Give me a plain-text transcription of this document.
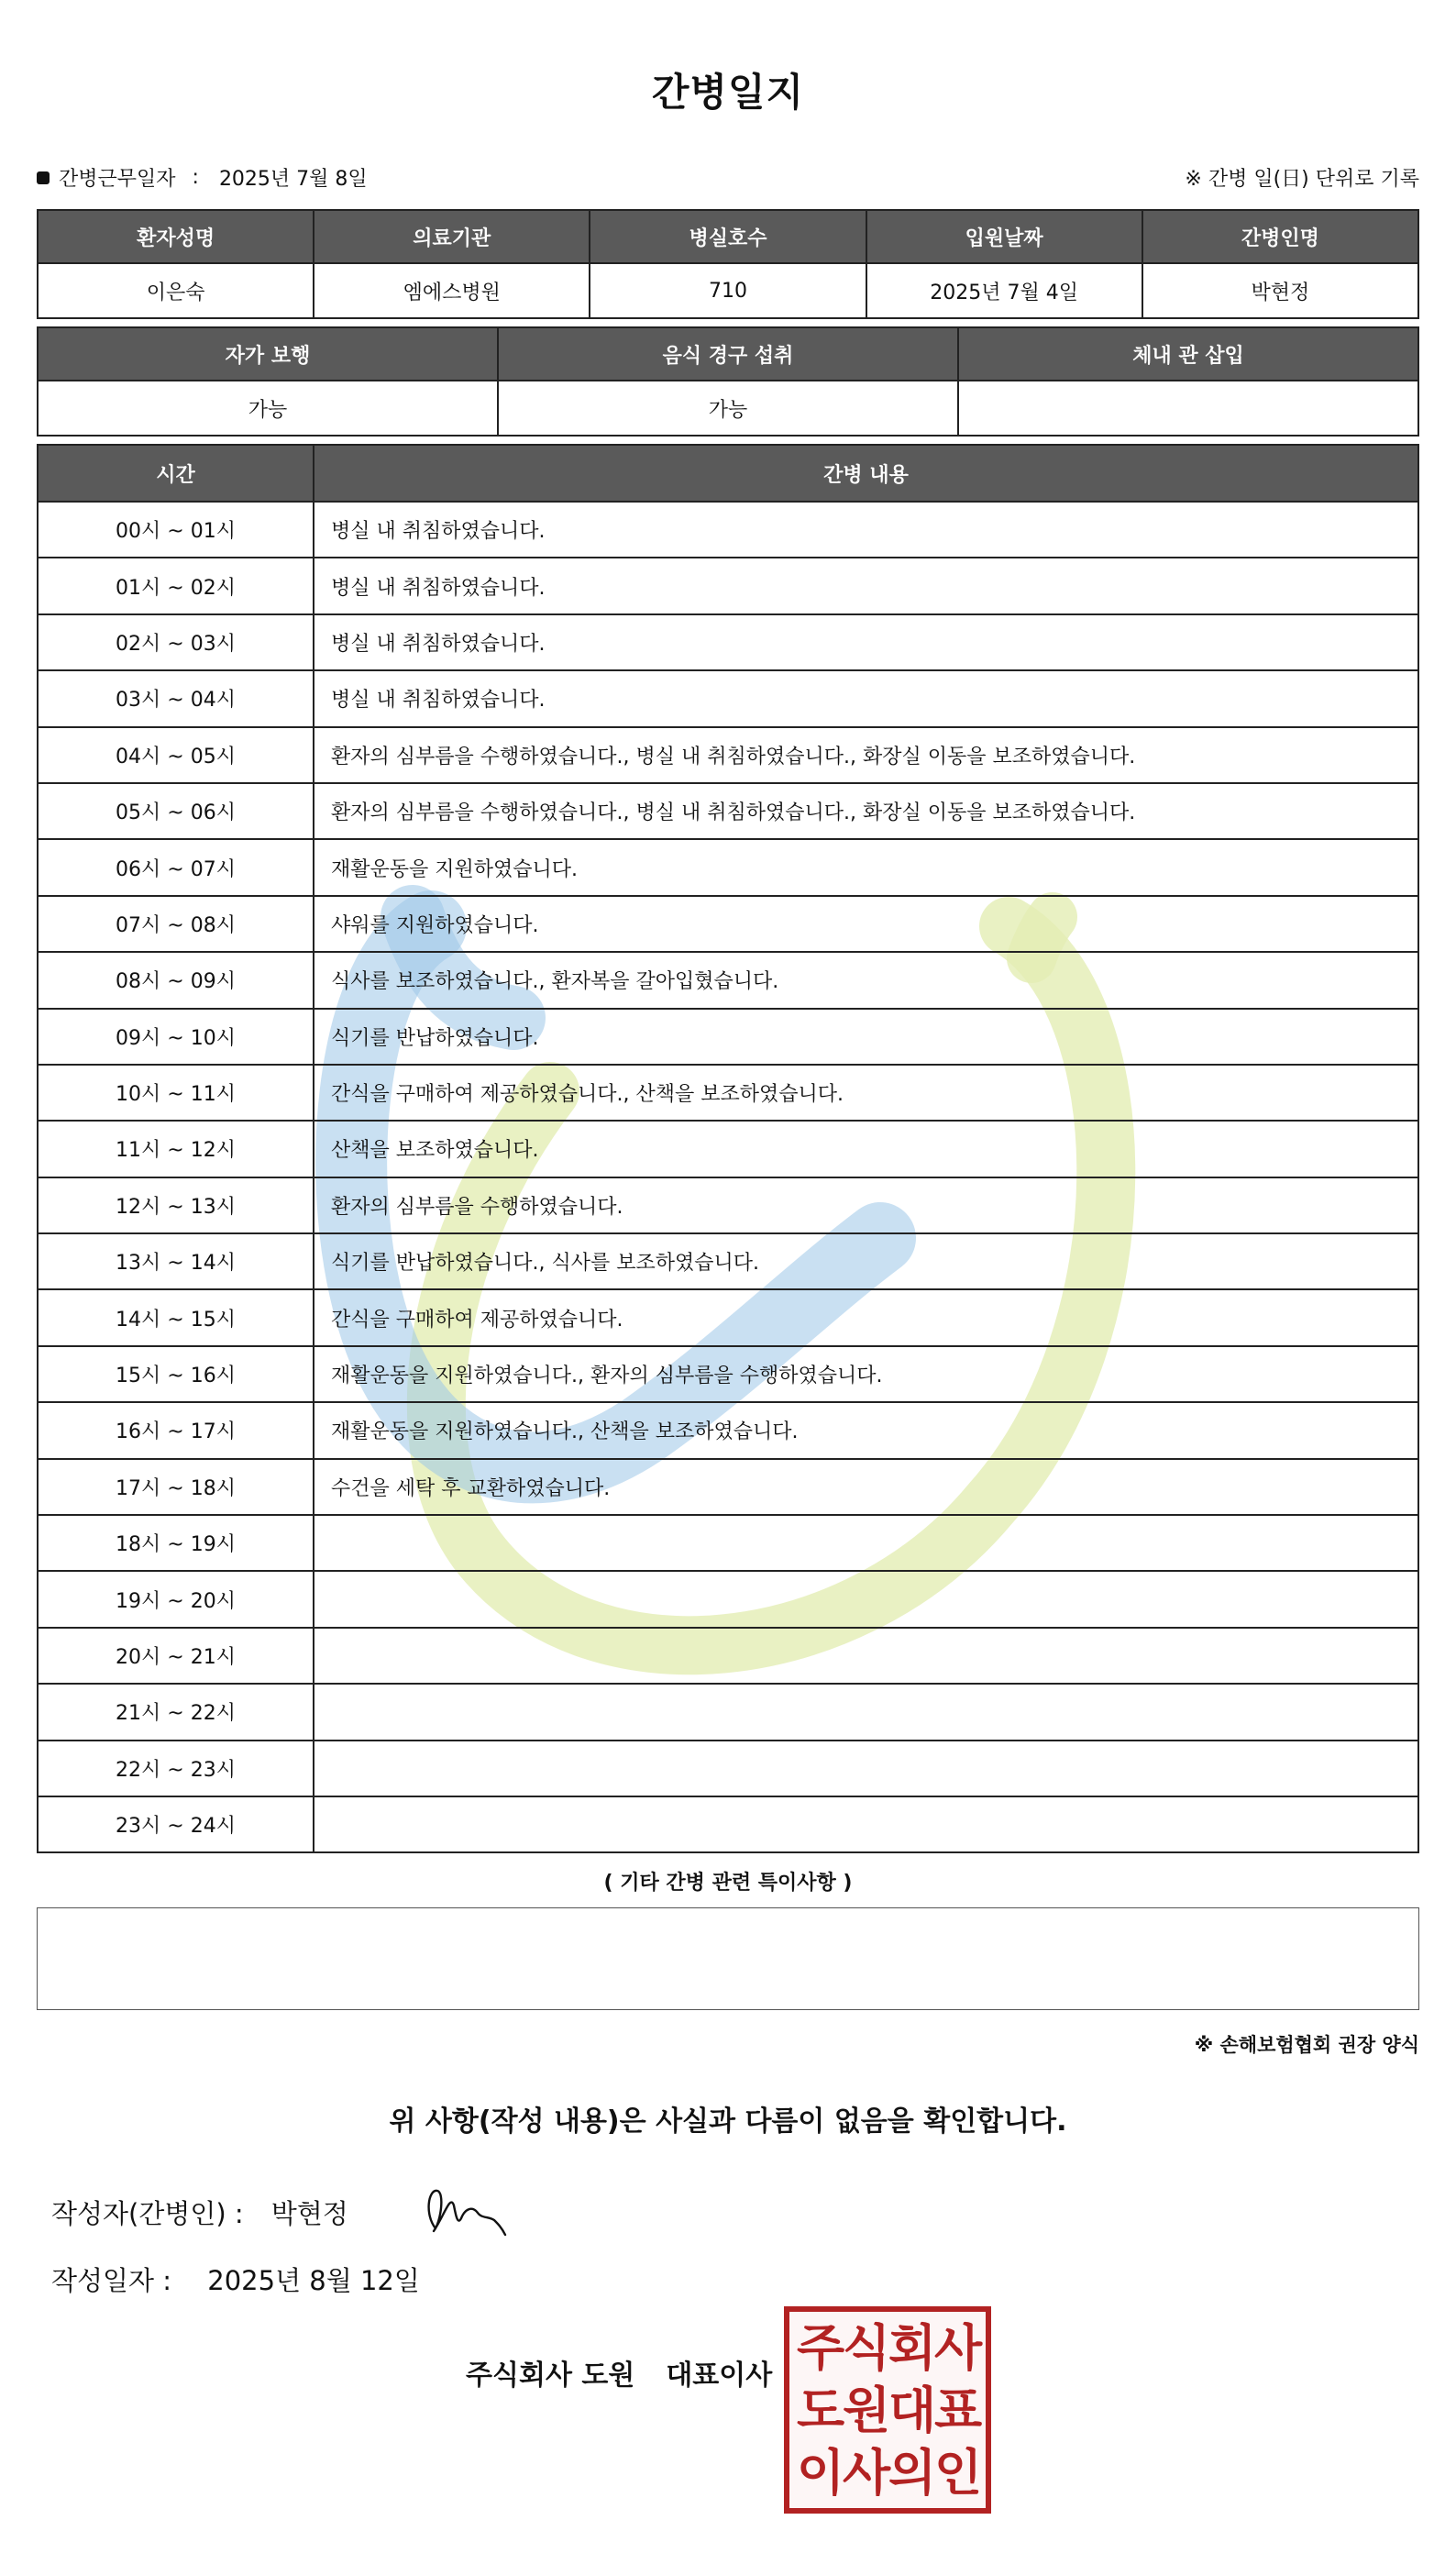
간병일지
간병근무일자 : 2025년 7월 8일	※ 간병 일(日) 단위로 기록
환자성명	의료기관	병실호수	입원날짜	간병인명
이은숙	엠에스병원	710	2025년 7월 4일	박현정
자가 보행	음식 경구 섭취	체내 관 삽입
가능	가능	
시간	간병 내용
00시 ~ 01시	병실 내 취침하였습니다.
01시 ~ 02시	병실 내 취침하였습니다.
02시 ~ 03시	병실 내 취침하였습니다.
03시 ~ 04시	병실 내 취침하였습니다.
04시 ~ 05시	환자의 심부름을 수행하였습니다., 병실 내 취침하였습니다., 화장실 이동을 보조하였습니다.
05시 ~ 06시	환자의 심부름을 수행하였습니다., 병실 내 취침하였습니다., 화장실 이동을 보조하였습니다.
06시 ~ 07시	재활운동을 지원하였습니다.
07시 ~ 08시	샤워를 지원하였습니다.
08시 ~ 09시	식사를 보조하였습니다., 환자복을 갈아입혔습니다.
09시 ~ 10시	식기를 반납하였습니다.
10시 ~ 11시	간식을 구매하여 제공하였습니다., 산책을 보조하였습니다.
11시 ~ 12시	산책을 보조하였습니다.
12시 ~ 13시	환자의 심부름을 수행하였습니다.
13시 ~ 14시	식기를 반납하였습니다., 식사를 보조하였습니다.
14시 ~ 15시	간식을 구매하여 제공하였습니다.
15시 ~ 16시	재활운동을 지원하였습니다., 환자의 심부름을 수행하였습니다.
16시 ~ 17시	재활운동을 지원하였습니다., 산책을 보조하였습니다.
17시 ~ 18시	수건을 세탁 후 교환하였습니다.
18시 ~ 19시	
19시 ~ 20시	
20시 ~ 21시	
21시 ~ 22시	
22시 ~ 23시	
23시 ~ 24시	
( 기타 간병 관련 특이사항 )
※ 손해보험협회 권장 양식
위 사항(작성 내용)은 사실과 다름이 없음을 확인합니다.
작성자(간병인) : 박현정
작성일자 : 2025년 8월 12일
주식회사 도원 대표이사 주
식
회
사
도
원
대
표
이
사
의
인
